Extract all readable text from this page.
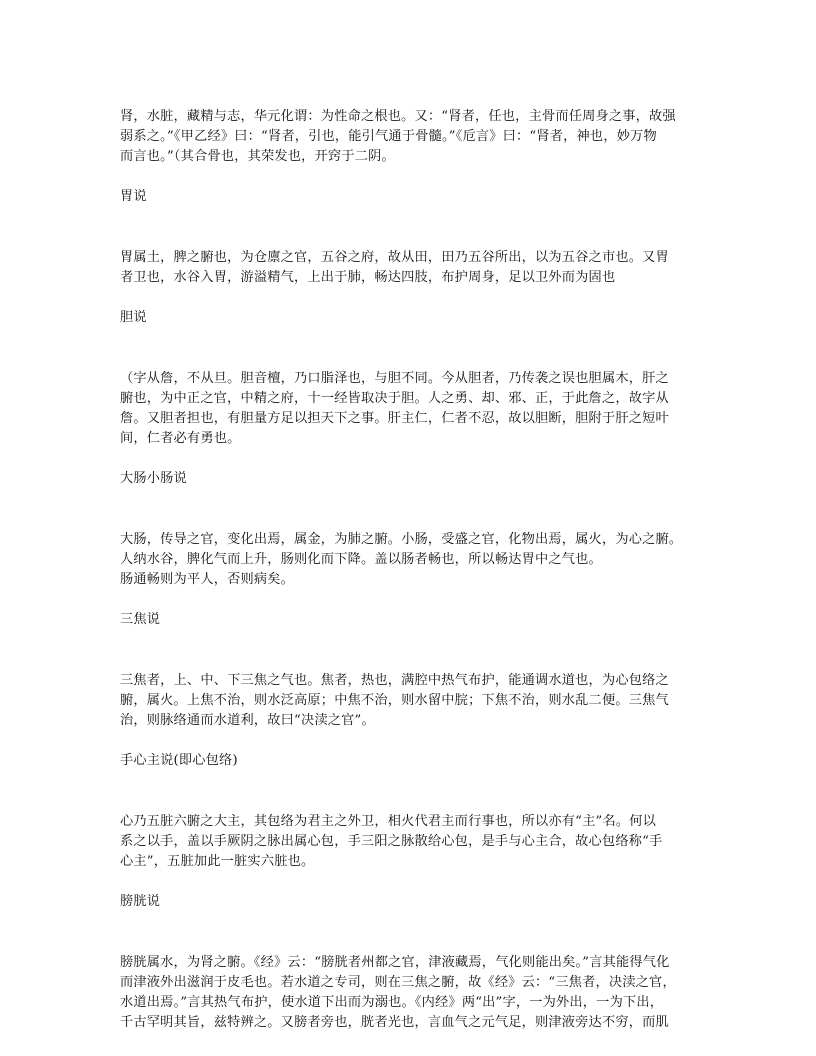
肾，水脏，藏精与志，华元化谓：为性命之根也。又：“肾者，任也，主骨而任周身之事，故强
弱系之。”《甲乙经》曰：“肾者，引也，能引气通于骨髓。”《卮言》曰：“肾者，神也，妙万物
而言也。”（其合骨也，其荣发也，开窍于二阴。

胃说

胃属土，脾之腑也，为仓廪之官，五谷之府，故从田，田乃五谷所出，以为五谷之市也。又胃
者卫也，水谷入胃，游溢精气，上出于肺，畅达四肢，布护周身，足以卫外而为固也

胆说

（字从詹，不从旦。胆音檀，乃口脂泽也，与胆不同。今从胆者，乃传袭之误也胆属木，肝之
腑也，为中正之官，中精之府，十一经皆取决于胆。人之勇、却、邪、正，于此詹之，故字从
詹。又胆者担也，有胆量方足以担天下之事。肝主仁，仁者不忍，故以胆断，胆附于肝之短叶
间，仁者必有勇也。

大肠小肠说

大肠，传导之官，变化出焉，属金，为肺之腑。小肠，受盛之官，化物出焉，属火，为心之腑。
人纳水谷，脾化气而上升，肠则化而下降。盖以肠者畅也，所以畅达胃中之气也。
肠通畅则为平人，否则病矣。

三焦说

三焦者，上、中、下三焦之气也。焦者，热也，满腔中热气布护，能通调水道也，为心包络之
腑，属火。上焦不治，则水泛高原；中焦不治，则水留中脘；下焦不治，则水乱二便。三焦气
治，则脉络通而水道利，故曰“决渎之官”。

手心主说(即心包络)

心乃五脏六腑之大主，其包络为君主之外卫，相火代君主而行事也，所以亦有“主”名。何以
系之以手，盖以手厥阴之脉出属心包，手三阳之脉散给心包，是手与心主合，故心包络称“手
心主”，五脏加此一脏实六脏也。

膀胱说

膀胱属水，为肾之腑。《经》云：“膀胱者州都之官，津液藏焉，气化则能出矣。”言其能得气化
而津液外出滋润于皮毛也。若水道之专司，则在三焦之腑，故《经》云：“三焦者，决渎之官，
水道出焉。”言其热气布护，使水道下出而为溺也。《内经》两“出”字，一为外出，一为下出，
千古罕明其旨，兹特辨之。又膀者旁也，胱者光也，言血气之元气足，则津液旁达不穷，而肌
